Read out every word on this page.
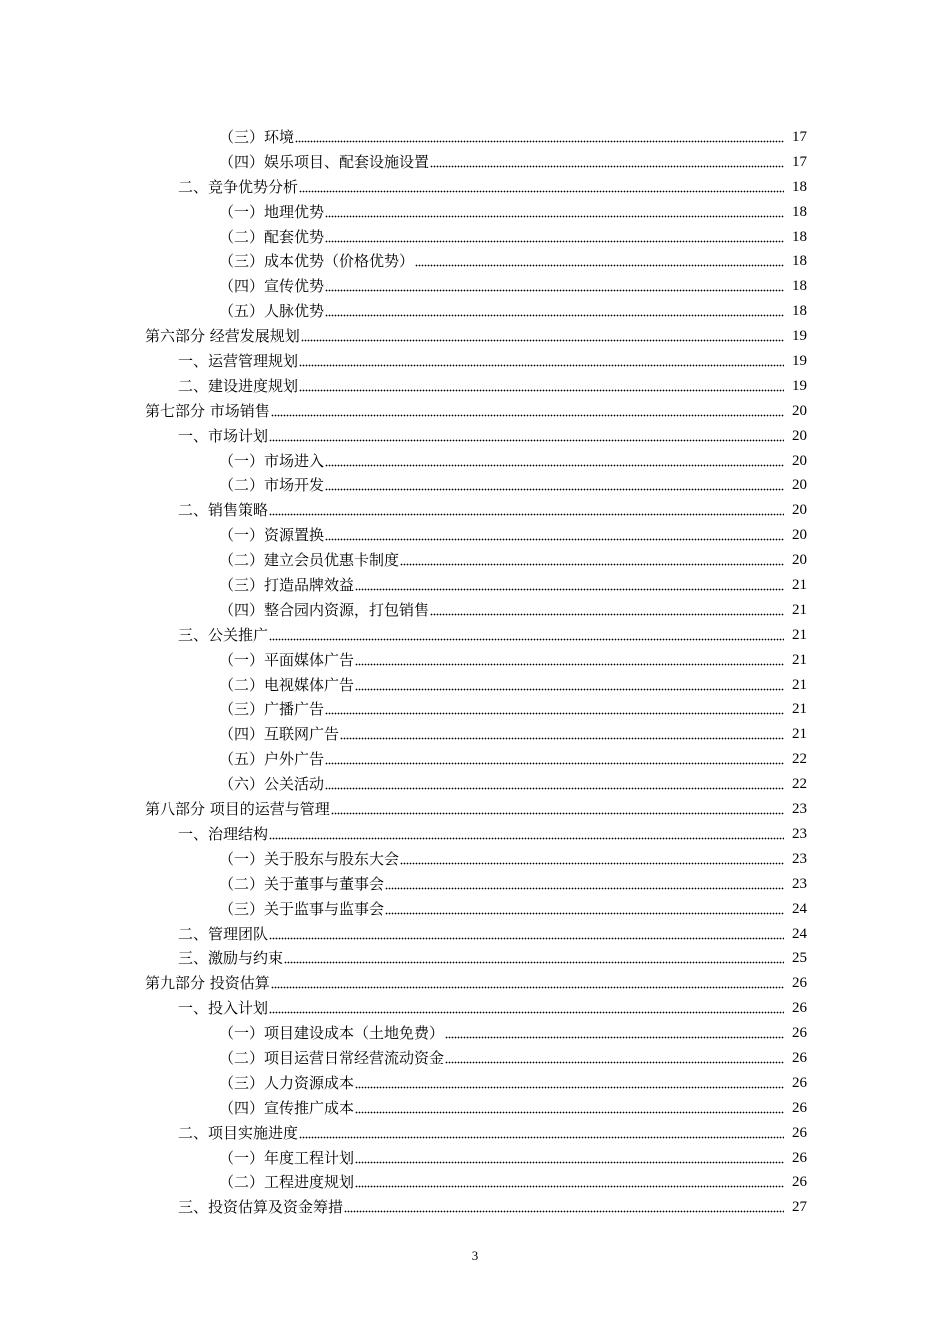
（三）环境	17
（四）娱乐项目、配套设施设置	17
二、竞争优势分析	18
（一）地理优势	18
（二）配套优势	18
（三）成本优势（价格优势）	18
（四）宣传优势	18
（五）人脉优势	18
第六部分 经营发展规划	19
一、运营管理规划	19
二、建设进度规划	19
第七部分 市场销售	20
一、市场计划	20
（一）市场进入	20
（二）市场开发	20
二、销售策略	20
（一）资源置换	20
（二）建立会员优惠卡制度	20
（三）打造品牌效益	21
（四）整合园内资源，打包销售	21
三、公关推广	21
（一）平面媒体广告	21
（二）电视媒体广告	21
（三）广播广告	21
（四）互联网广告	21
（五）户外广告	22
（六）公关活动	22
第八部分 项目的运营与管理	23
一、治理结构	23
（一）关于股东与股东大会	23
（二）关于董事与董事会	23
（三）关于监事与监事会	24
二、管理团队	24
三、激励与约束	25
第九部分 投资估算	26
一、投入计划	26
（一）项目建设成本（土地免费）	26
（二）项目运营日常经营流动资金	26
（三）人力资源成本	26
（四）宣传推广成本	26
二、项目实施进度	26
（一）年度工程计划	26
（二）工程进度规划	26
三、投资估算及资金筹措	27
3
